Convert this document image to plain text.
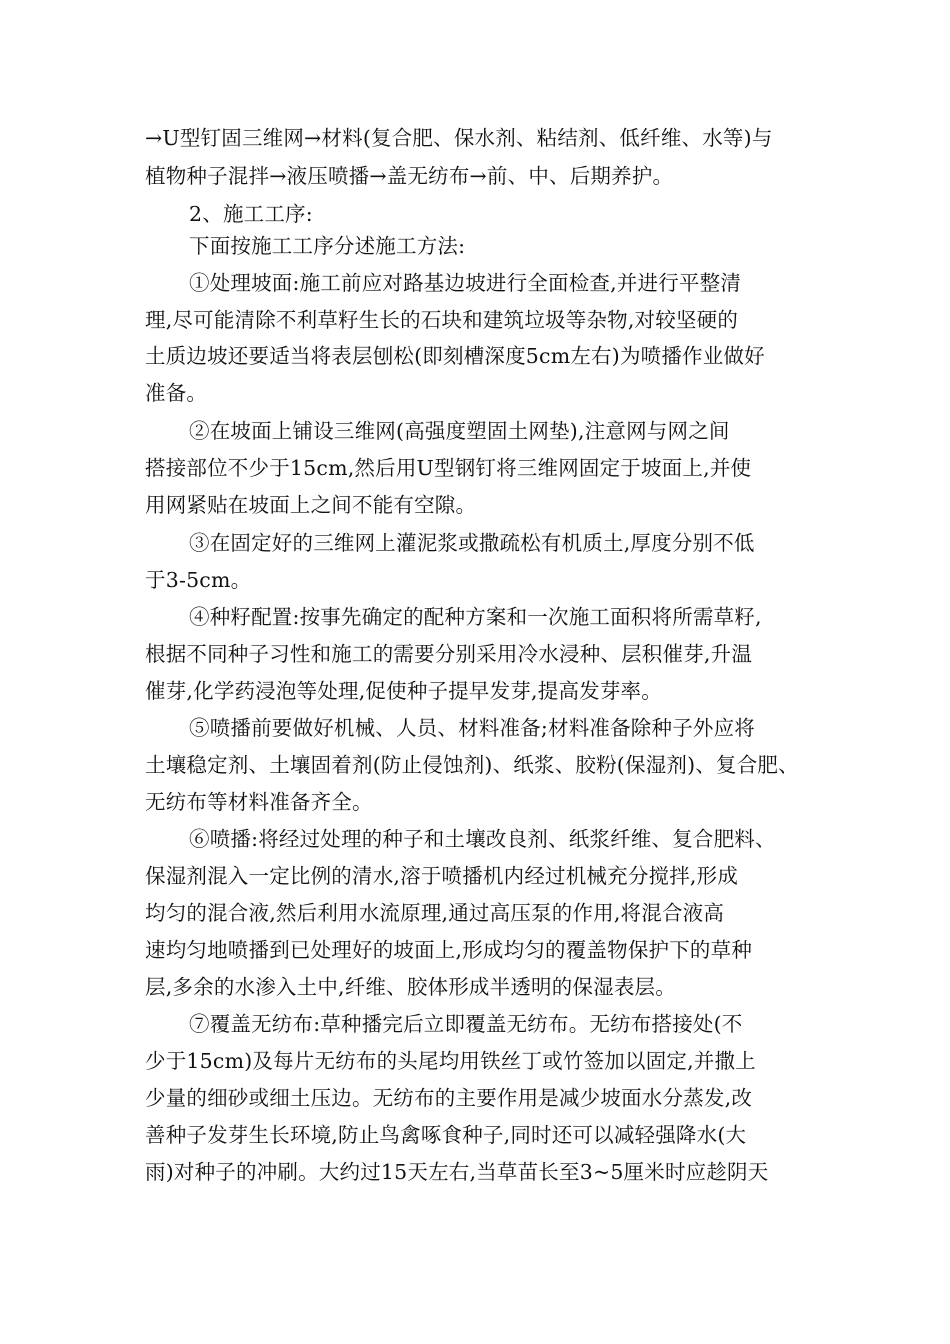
→U型钉固三维网→材料(复合肥、保水剂、粘结剂、低纤维、水等)与
植物种子混拌→液压喷播→盖无纺布→前、中、后期养护。
2、施工工序:
下面按施工工序分述施工方法:
①处理坡面:施工前应对路基边坡进行全面检查,并进行平整清
理,尽可能清除不利草籽生长的石块和建筑垃圾等杂物,对较坚硬的
土质边坡还要适当将表层刨松(即刻槽深度5cm左右)为喷播作业做好
准备。
②在坡面上铺设三维网(高强度塑固土网垫),注意网与网之间
搭接部位不少于15cm,然后用U型钢钉将三维网固定于坡面上,并使
用网紧贴在坡面上之间不能有空隙。
③在固定好的三维网上灌泥浆或撒疏松有机质土,厚度分别不低
于3-5cm。
④种籽配置:按事先确定的配种方案和一次施工面积将所需草籽,
根据不同种子习性和施工的需要分别采用冷水浸种、层积催芽,升温
催芽,化学药浸泡等处理,促使种子提早发芽,提高发芽率。
⑤喷播前要做好机械、人员、材料准备;材料准备除种子外应将
土壤稳定剂、土壤固着剂(防止侵蚀剂)、纸浆、胶粉(保湿剂)、复合肥、
无纺布等材料准备齐全。
⑥喷播:将经过处理的种子和土壤改良剂、纸浆纤维、复合肥料、
保湿剂混入一定比例的清水,溶于喷播机内经过机械充分搅拌,形成
均匀的混合液,然后利用水流原理,通过高压泵的作用,将混合液高
速均匀地喷播到已处理好的坡面上,形成均匀的覆盖物保护下的草种
层,多余的水渗入土中,纤维、胶体形成半透明的保湿表层。
⑦覆盖无纺布:草种播完后立即覆盖无纺布。无纺布搭接处(不
少于15cm)及每片无纺布的头尾均用铁丝丁或竹签加以固定,并撒上
少量的细砂或细土压边。无纺布的主要作用是减少坡面水分蒸发,改
善种子发芽生长环境,防止鸟禽啄食种子,同时还可以减轻强降水(大
雨)对种子的冲刷。大约过15天左右,当草苗长至3~5厘米时应趁阴天
